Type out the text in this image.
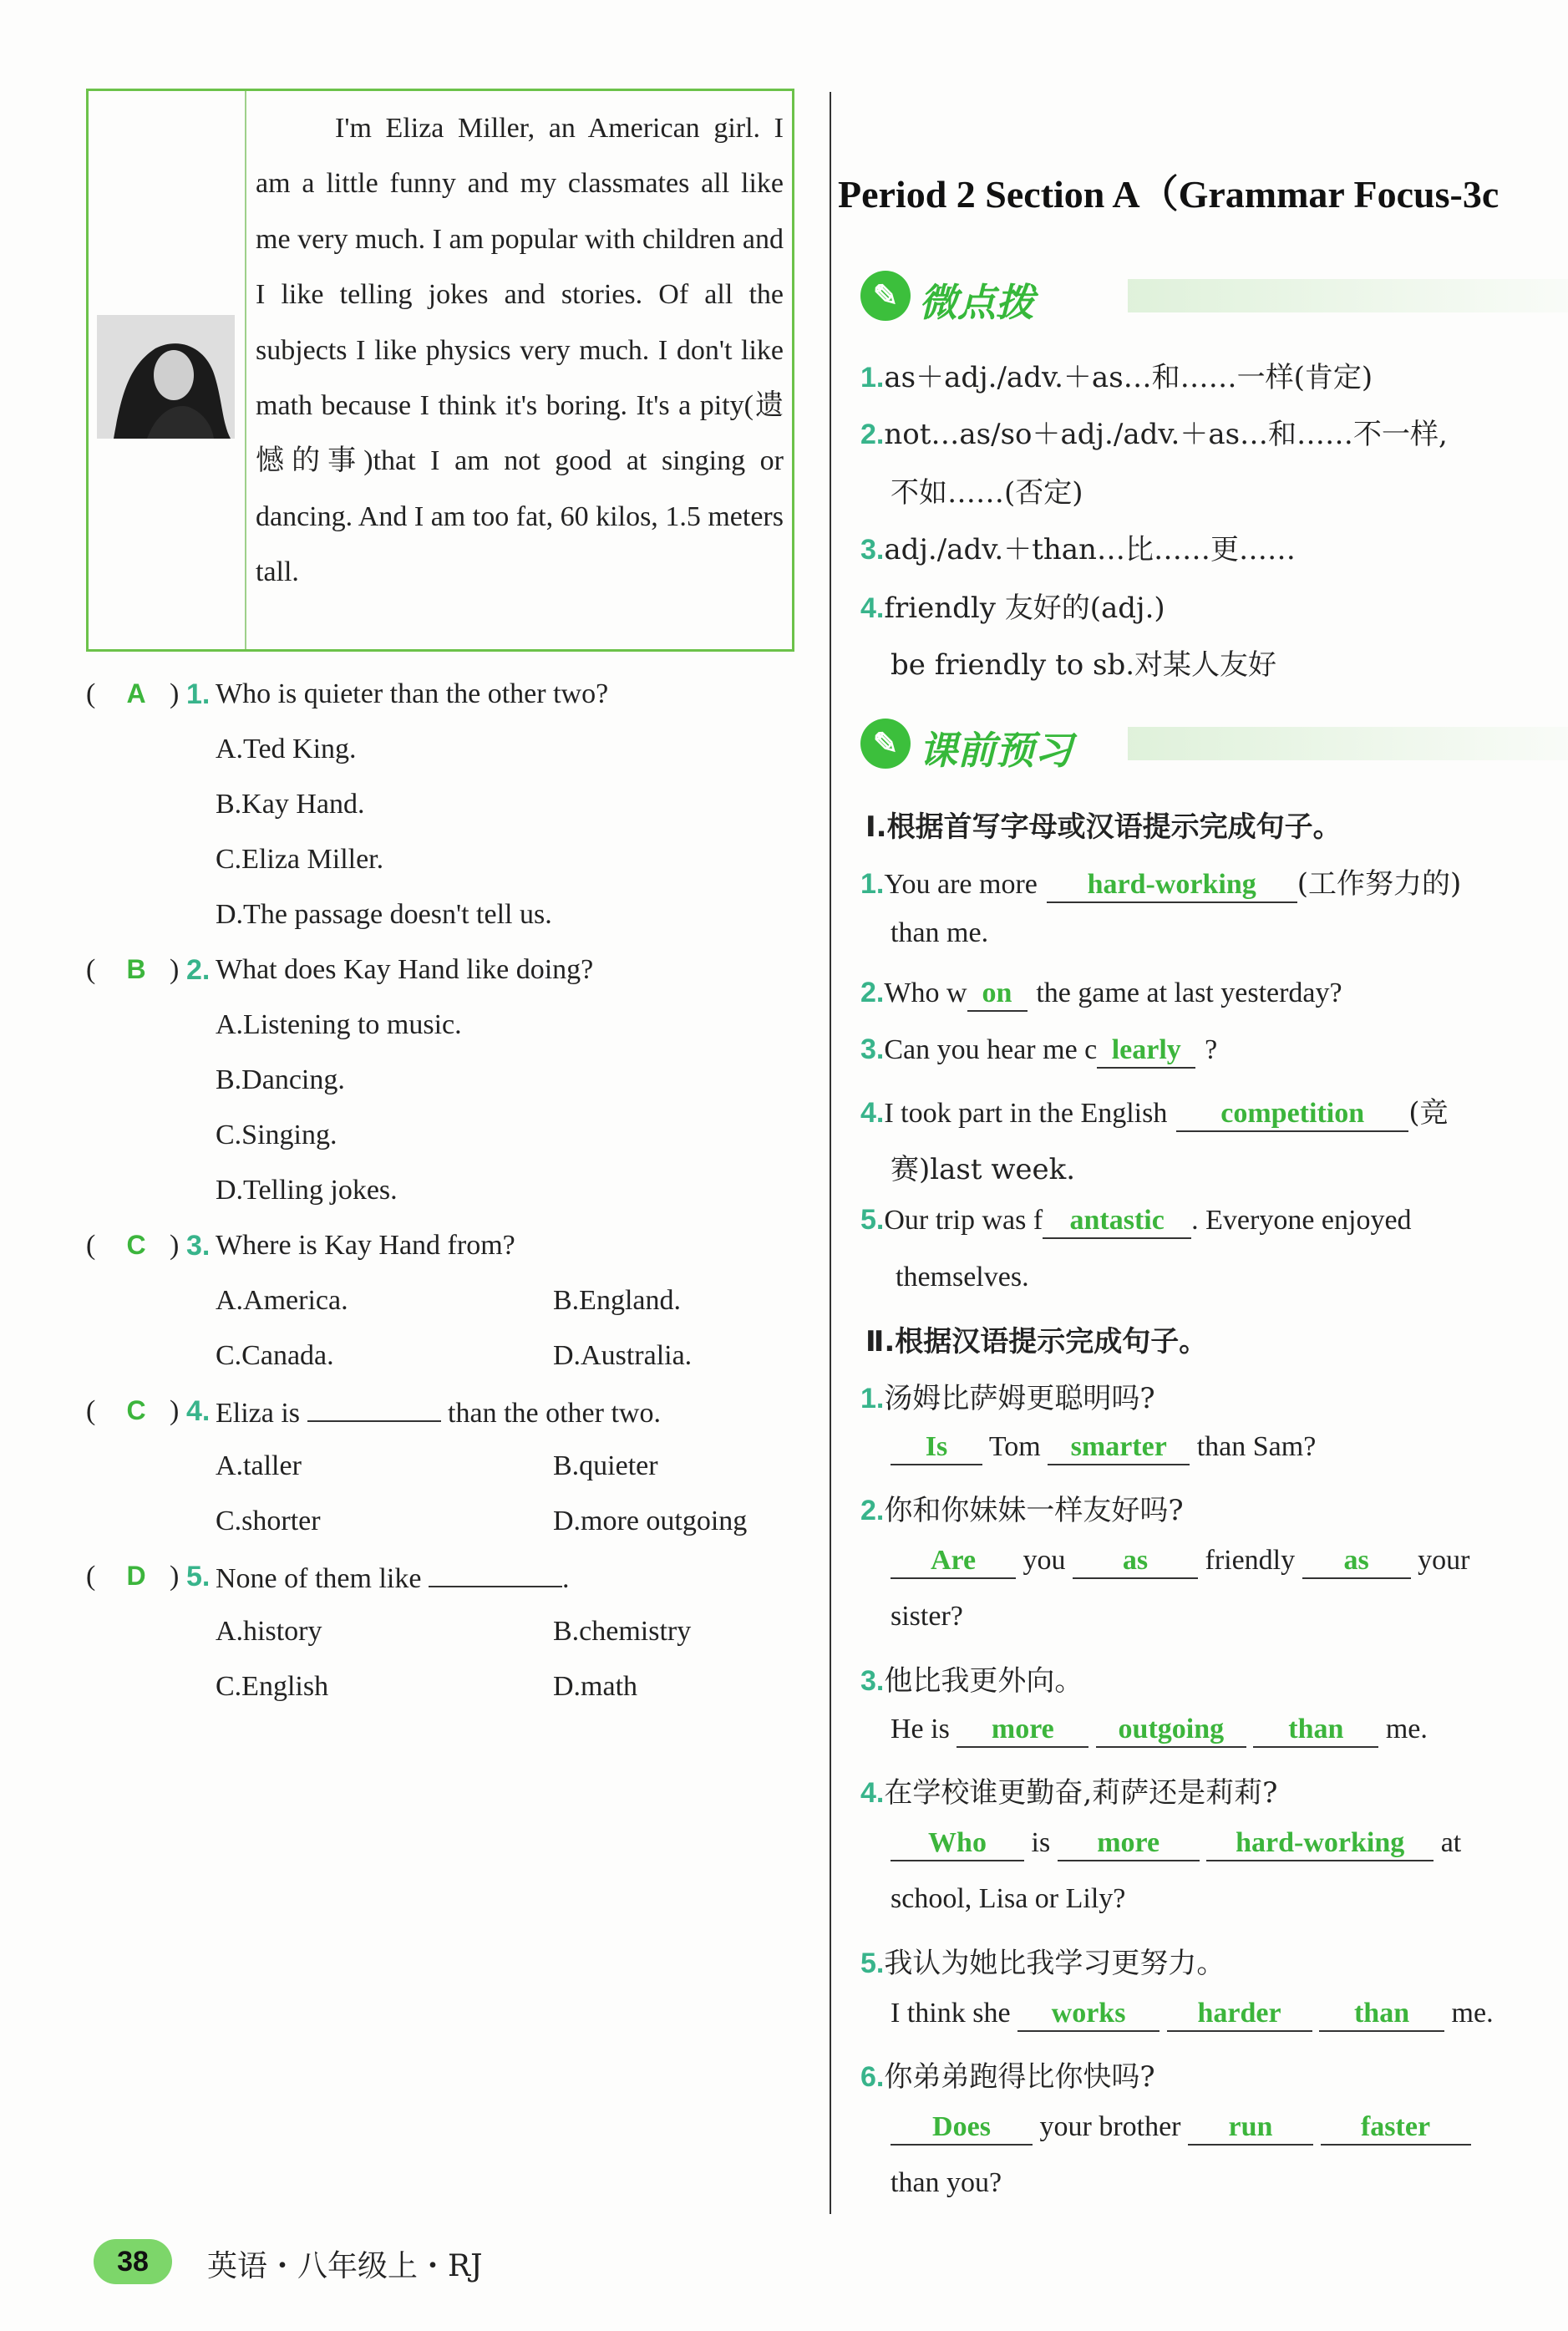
I'm Eliza Miller, an American girl. I am a little funny and my classmates all like me very much. I am popular with children and I like telling jokes and stories. Of all the subjects I like physics very much. I don't like math because I think it's boring. It's a pity(遗憾的事)that I am not good at singing or dancing. And I am too fat, 60 kilos, 1.5 meters tall.
( A ) 1. Who is quieter than the other two?
A.Ted King.
B.Kay Hand.
C.Eliza Miller.
D.The passage doesn't tell us.
( B ) 2. What does Kay Hand like doing?
A.Listening to music.
B.Dancing.
C.Singing.
D.Telling jokes.
( C ) 3. Where is Kay Hand from?
A.America.	B.England.
C.Canada.	D.Australia.
( C ) 4. Eliza is	than the other two.
A.taller	B.quieter
C.shorter	D.more outgoing
( D ) 5. None of them like	.
A.history	B.chemistry
C.English	D.math
Period 2 Section A（Grammar Focus-3c
✎ 微点拨
1.as＋adj./adv.＋as…和……一样(肯定)
2.not…as/so＋adj./adv.＋as…和……不一样,
不如……(否定)
3.adj./adv.＋than…比……更……
4.friendly 友好的(adj.)
be friendly to sb.对某人友好
✎ 课前预习
Ⅰ.根据首写字母或汉语提示完成句子。
1.You are more hard-working (工作努力的)
than me.
2.Who w on the game at last yesterday?
3.Can you hear me c learly ?
4.I took part in the English competition (竞
赛)last week.
5.Our trip was f antastic . Everyone enjoyed
themselves.
Ⅱ.根据汉语提示完成句子。
1.汤姆比萨姆更聪明吗?
Is Tom smarter than Sam?
2.你和你妹妹一样友好吗?
Are you as friendly as your
sister?
3.他比我更外向。
He is more outgoing than me.
4.在学校谁更勤奋,莉萨还是莉莉?
Who is more	hard-working at
school, Lisa or Lily?
5.我认为她比我学习更努力。
I think she works	harder	than me.
6.你弟弟跑得比你快吗?
Does your brother run	faster
than you?
38	英语・八年级上・RJ
